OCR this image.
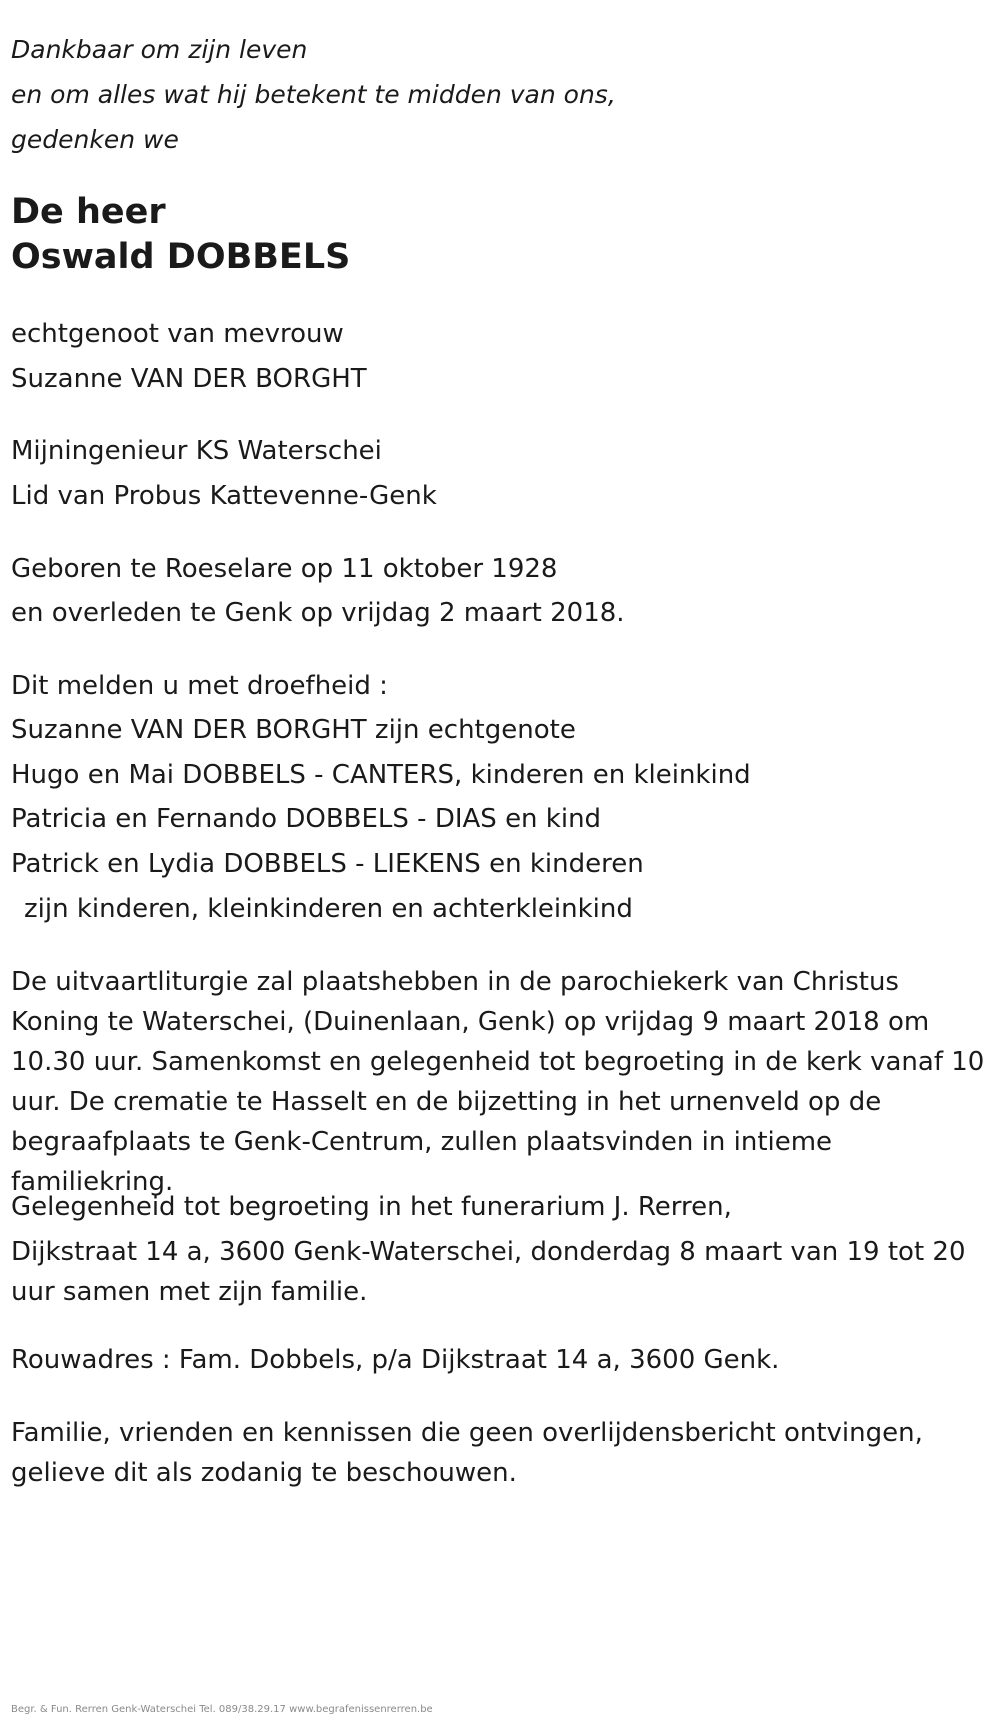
Dankbaar om zijn leven

en om alles wat hij betekent te midden van ons,

gedenken we

De heer
Oswald DOBBELS

echtgenoot van mevrouw

Suzanne VAN DER BORGHT

Mijningenieur KS Waterschei

Lid van Probus Kattevenne-Genk

Geboren te Roeselare op 11 oktober 1928

en overleden te Genk op vrijdag 2 maart 2018.

Dit melden u met droefheid :

Suzanne VAN DER BORGHT zijn echtgenote

Hugo en Mai DOBBELS - CANTERS, kinderen en kleinkind

Patricia en Fernando DOBBELS - DIAS en kind

Patrick en Lydia DOBBELS - LIEKENS en kinderen

zijn kinderen, kleinkinderen en achterkleinkind

De uitvaartliturgie zal plaatshebben in de parochiekerk van Christus Koning te Waterschei, (Duinenlaan, Genk) op vrijdag 9 maart 2018 om 10.30 uur. Samenkomst en gelegenheid tot begroeting in de kerk vanaf 10 uur. De crematie te Hasselt en de bijzetting in het urnenveld op de begraafplaats te Genk-Centrum, zullen plaatsvinden in intieme familiekring.

Gelegenheid tot begroeting in het funerarium J. Rerren,

Dijkstraat 14 a, 3600 Genk-Waterschei, donderdag 8 maart van 19 tot 20 uur samen met zijn familie.

Rouwadres : Fam. Dobbels, p/a Dijkstraat 14 a, 3600 Genk.

Familie, vrienden en kennissen die geen overlijdensbericht ontvingen, gelieve dit als zodanig te beschouwen.

Begr. & Fun. Rerren Genk-Waterschei Tel. 089/38.29.17 www.begrafenissenrerren.be
